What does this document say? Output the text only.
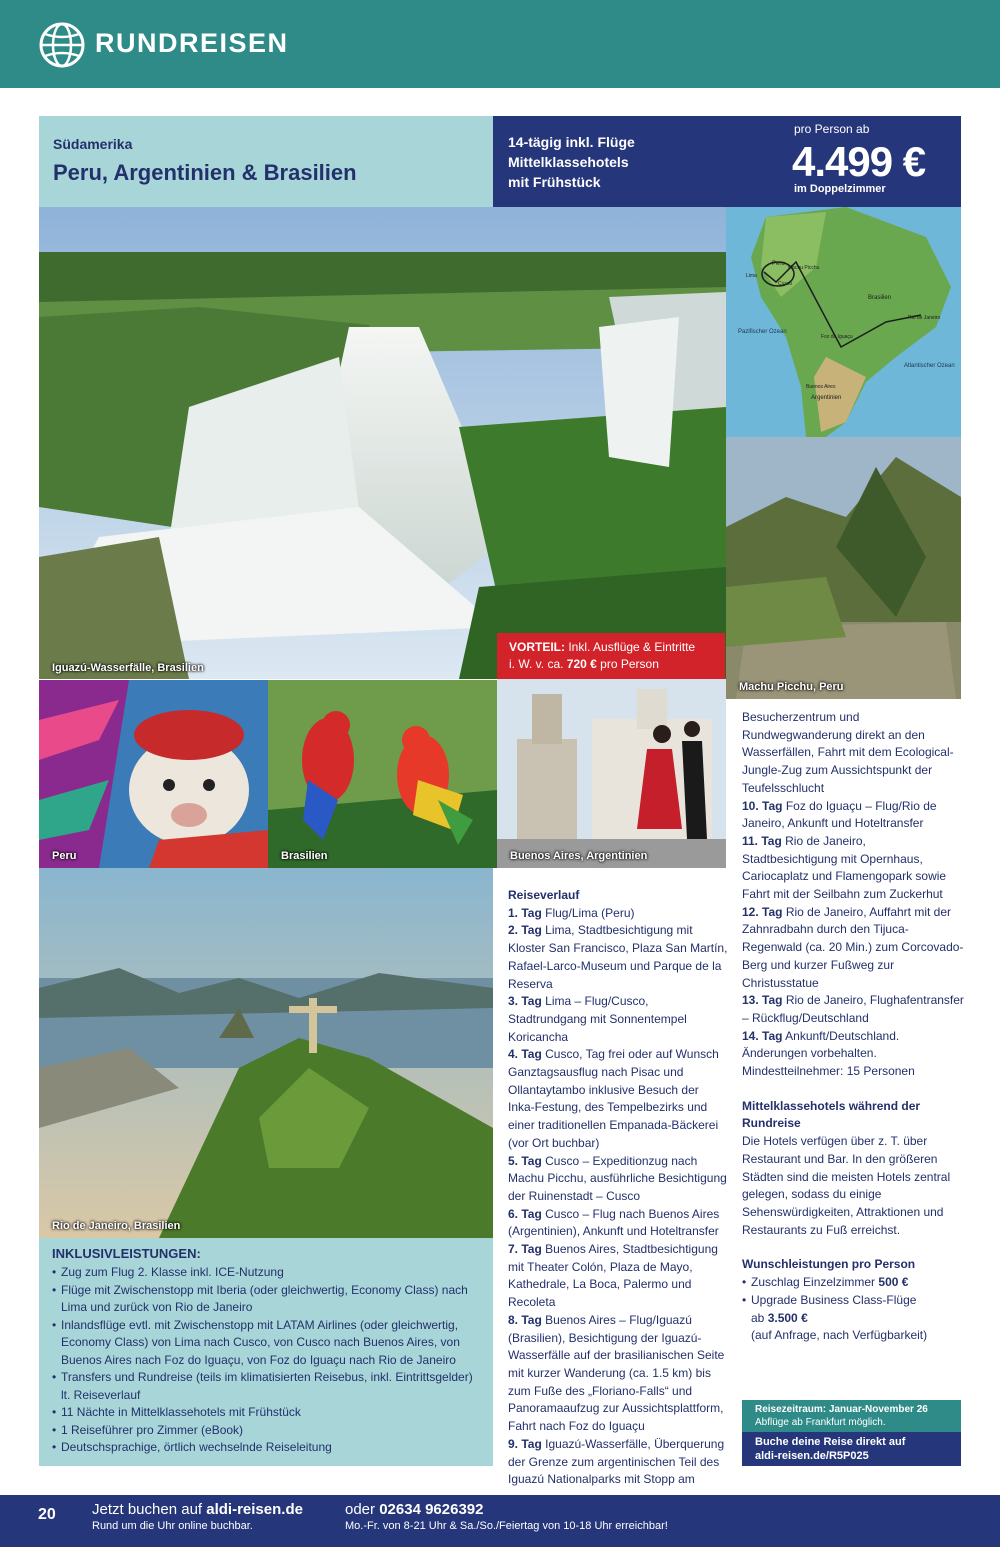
RUNDREISEN
Südamerika
Peru, Argentinien & Brasilien
14-tägig inkl. Flüge
Mittelklassehotels
mit Frühstück
pro Person ab
4.499 €
im Doppelzimmer
Iguazú-Wasserfälle, Brasilien
Peru
Machu Picchu
Lima
Cusco
Brasilien
Rio de Janeiro
Pazifischer Ozean
Foz do Iguaçu
Atlantischer Ozean
Buenos Aires
Argentinien
Machu Picchu, Peru
VORTEIL: Inkl. Ausflüge & Eintritte
i. W. v. ca. 720 € pro Person
Peru	Brasilien	Buenos Aires, Argentinien
Rio de Janeiro, Brasilien
INKLUSIVLEISTUNGEN:
• Zug zum Flug 2. Klasse inkl. ICE-Nutzung
• Flüge mit Zwischenstopp mit Iberia (oder gleichwertig, Economy Class) nach Lima und zurück von Rio de Janeiro
• Inlandsflüge evtl. mit Zwischenstopp mit LATAM Airlines (oder gleichwertig, Economy Class) von Lima nach Cusco, von Cusco nach Buenos Aires, von Buenos Aires nach Foz do Iguaçu, von Foz do Iguaçu nach Rio de Janeiro
• Transfers und Rundreise (teils im klimatisierten Reisebus, inkl. Eintrittsgelder) lt. Reiseverlauf
• 11 Nächte in Mittelklassehotels mit Frühstück
• 1 Reiseführer pro Zimmer (eBook)
• Deutschsprachige, örtlich wechselnde Reiseleitung
Reiseverlauf
1. Tag Flug/Lima (Peru)
2. Tag Lima, Stadtbesichtigung mit Kloster San Francisco, Plaza San Martín, Rafael-Larco-Museum und Parque de la Reserva
3. Tag Lima – Flug/Cusco, Stadtrundgang mit Sonnentempel Koricancha
4. Tag Cusco, Tag frei oder auf Wunsch Ganztagsausflug nach Pisac und Ollantaytambo inklusive Besuch der Inka-Festung, des Tempelbezirks und einer traditionellen Empanada-Bäckerei (vor Ort buchbar)
5. Tag Cusco – Expeditionzug nach Machu Picchu, ausführliche Besichtigung der Ruinenstadt – Cusco
6. Tag Cusco – Flug nach Buenos Aires (Argentinien), Ankunft und Hoteltransfer
7. Tag Buenos Aires, Stadtbesichtigung mit Theater Colón, Plaza de Mayo, Kathedrale, La Boca, Palermo und Recoleta
8. Tag Buenos Aires – Flug/Iguazú (Brasilien), Besichtigung der Iguazú-Wasserfälle auf der brasilianischen Seite mit kurzer Wanderung (ca. 1.5 km) bis zum Fuße des „Floriano-Falls“ und Panoramaaufzug zur Aussichtsplattform, Fahrt nach Foz do Iguaçu
9. Tag Iguazú-Wasserfälle, Überquerung der Grenze zum argentinischen Teil des Iguazú Nationalparks mit Stopp am
Besucherzentrum und Rundwegwanderung direkt an den Wasserfällen, Fahrt mit dem Ecological-Jungle-Zug zum Aussichtspunkt der Teufelsschlucht
10. Tag Foz do Iguaçu – Flug/Rio de Janeiro, Ankunft und Hoteltransfer
11. Tag Rio de Janeiro, Stadtbesichtigung mit Opernhaus, Cariocaplatz und Flamengopark sowie Fahrt mit der Seilbahn zum Zuckerhut
12. Tag Rio de Janeiro, Auffahrt mit der Zahnradbahn durch den Tijuca-Regenwald (ca. 20 Min.) zum Corcovado-Berg und kurzer Fußweg zur Christusstatue
13. Tag Rio de Janeiro, Flughafentransfer – Rückflug/Deutschland
14. Tag Ankunft/Deutschland.
Änderungen vorbehalten.
Mindestteilnehmer: 15 Personen
Mittelklassehotels während der Rundreise
Die Hotels verfügen über z. T. über Restaurant und Bar. In den größeren Städten sind die meisten Hotels zentral gelegen, sodass du einige Sehenswürdigkeiten, Attraktionen und Restaurants zu Fuß erreichst.
Wunschleistungen pro Person
• Zuschlag Einzelzimmer 500 €
• Upgrade Business Class-Flüge
ab 3.500 €
(auf Anfrage, nach Verfügbarkeit)
Reisezeitraum: Januar-November 26
Abflüge ab Frankfurt möglich.
Buche deine Reise direkt auf
aldi-reisen.de/R5P025
20 Jetzt buchen auf aldi-reisen.de
Rund um die Uhr online buchbar.
oder 02634 9626392
Mo.-Fr. von 8-21 Uhr & Sa./So./Feiertag von 10-18 Uhr erreichbar!
